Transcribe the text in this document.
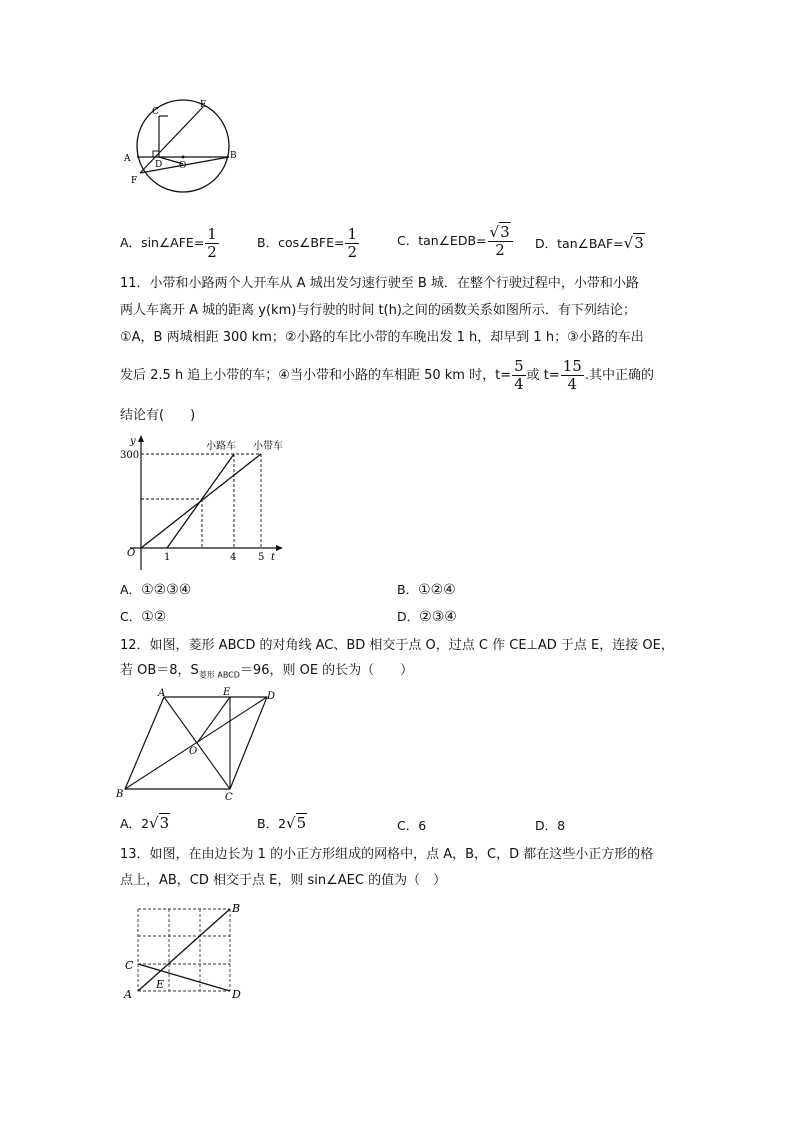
C
E
A	B
D O
F
A．sin∠AFE= $\frac{1}{2}$	B．cos∠BFE= $\frac{1}{2}$	C．tan∠EDB= $\frac{√3}{2}$ D．tan∠BAF=√3
11．小带和小路两个人开车从 A 城出发匀速行驶至 B 城．在整个行驶过程中，小带和小路
两人车离开 A 城的距离 y(km)与行驶的时间 t(h)之间的函数关系如图所示．有下列结论；
①A，B 两城相距 300 km；②小路的车比小带的车晚出发 1 h，却早到 1 h；③小路的车出
发后 2.5 h 追上小带的车；④当小带和小路的车相距 50 km 时，$t= \frac{5}{4}$ 或 $t= \frac{15}{4}$ .其中正确的
结论有(　　)
y
300
O	1	4 5 t
小路车 小带车
A．①②③④	B．①②④
C．①②	D．②③④
12．如图，菱形 ABCD 的对角线 AC、BD 相交于点 O，过点 C 作 CE⊥AD 于点 E，连接 OE，
若 OB＝8，$S_{菱形 ABCD}=96$，则 OE 的长为（　　）
A	E	D
O
B	C
A．2√3	B．2√5	C．6	D．8
13．如图，在由边长为 1 的小正方形组成的网格中，点 A，B，C，D 都在这些小正方形的格
点上，AB，CD 相交于点 E，则 sin∠AEC 的值为（　）
B
C
E
A	D
